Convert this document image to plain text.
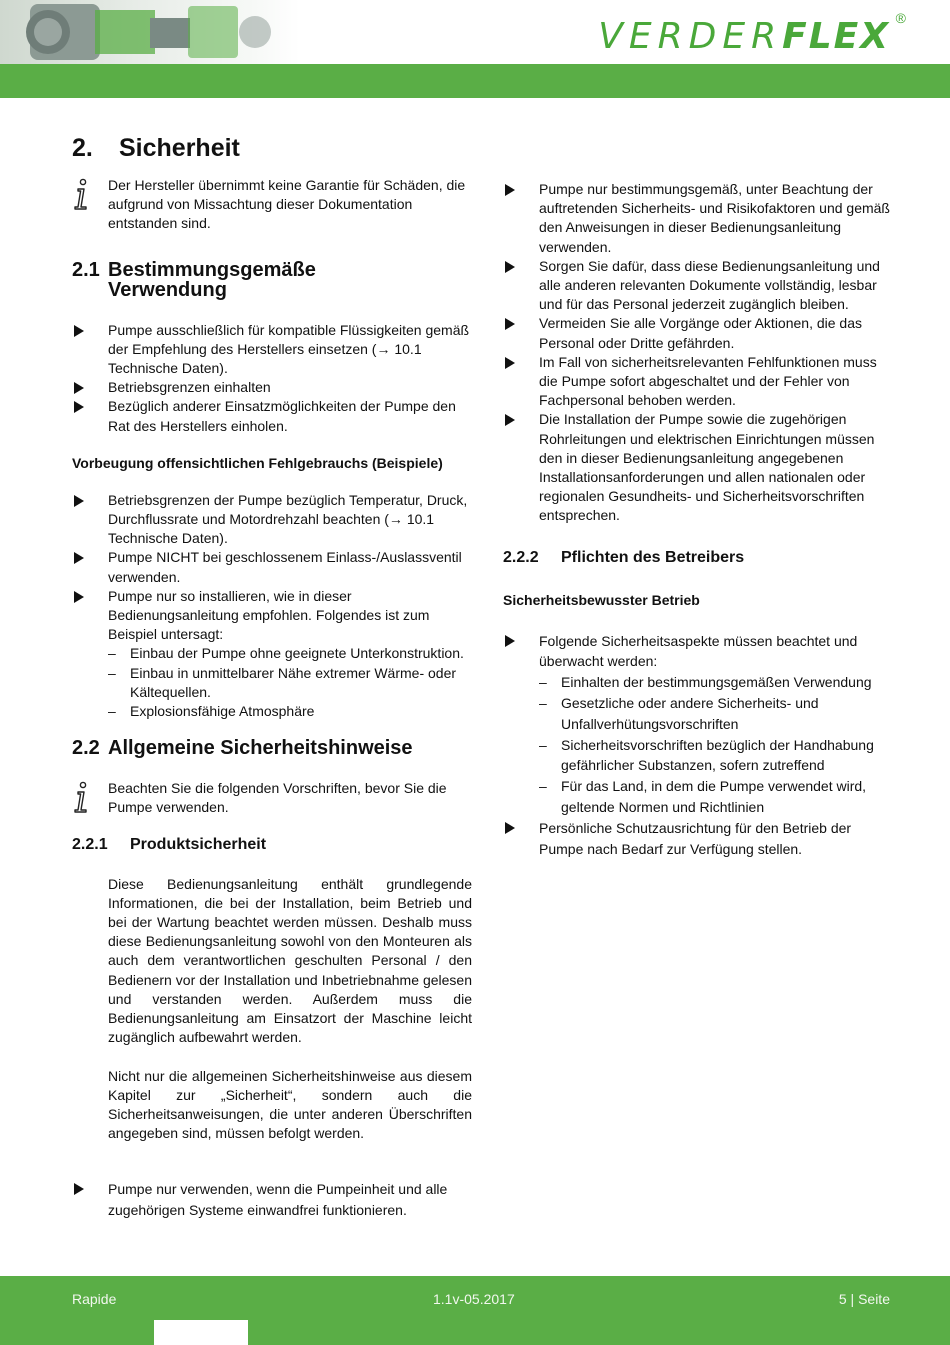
VERDERFLEX ®
2. Sicherheit
Der Hersteller übernimmt keine Garantie für Schäden, die aufgrund von Missachtung dieser Dokumentation entstanden sind.
2.1 Bestimmungsgemäße
Verwendung
Pumpe ausschließlich für kompatible Flüssigkeiten gemäß der Empfehlung des Herstellers einsetzen (→ 10.1 Technische Daten).
Betriebsgrenzen einhalten
Bezüglich anderer Einsatzmöglichkeiten der Pumpe den Rat des Herstellers einholen.
Vorbeugung offensichtlichen Fehlgebrauchs (Beispiele)
Betriebsgrenzen der Pumpe bezüglich Temperatur, Druck, Durchflussrate und Motordrehzahl beachten (→ 10.1 Technische Daten).
Pumpe NICHT bei geschlossenem Einlass-/Auslassventil verwenden.
Pumpe nur so installieren, wie in dieser Bedienungsanleitung empfohlen. Folgendes ist zum Beispiel untersagt:
– Einbau der Pumpe ohne geeignete Unterkonstruktion.
– Einbau in unmittelbarer Nähe extremer Wärme- oder Kältequellen.
– Explosionsfähige Atmosphäre
2.2 Allgemeine Sicherheitshinweise
Beachten Sie die folgenden Vorschriften, bevor Sie die Pumpe verwenden.
2.2.1 Produktsicherheit
Diese Bedienungsanleitung enthält grundlegende Informationen, die bei der Installation, beim Betrieb und bei der Wartung beachtet werden müssen. Deshalb muss diese Bedienungsanleitung sowohl von den Monteuren als auch dem verantwortlichen geschulten Personal / den Bedienern vor der Installation und Inbetriebnahme gelesen und verstanden werden. Außerdem muss die Bedienungsanleitung am Einsatzort der Maschine leicht zugänglich aufbewahrt werden.
Nicht nur die allgemeinen Sicherheitshinweise aus diesem Kapitel zur „Sicherheit“, sondern auch die Sicherheitsanweisungen, die unter anderen Überschriften angegeben sind, müssen befolgt werden.
Pumpe nur verwenden, wenn die Pumpeinheit und alle zugehörigen Systeme einwandfrei funktionieren.
Pumpe nur bestimmungsgemäß, unter Beachtung der auftretenden Sicherheits- und Risikofaktoren und gemäß den Anweisungen in dieser Bedienungsanleitung verwenden.
Sorgen Sie dafür, dass diese Bedienungsanleitung und alle anderen relevanten Dokumente vollständig, lesbar und für das Personal jederzeit zugänglich bleiben.
Vermeiden Sie alle Vorgänge oder Aktionen, die das Personal oder Dritte gefährden.
Im Fall von sicherheitsrelevanten Fehlfunktionen muss die Pumpe sofort abgeschaltet und der Fehler von Fachpersonal behoben werden.
Die Installation der Pumpe sowie die zugehörigen Rohrleitungen und elektrischen Einrichtungen müssen den in dieser Bedienungsanleitung angegebenen Installationsanforderungen und allen nationalen oder regionalen Gesundheits- und Sicherheitsvorschriften entsprechen.
2.2.2 Pflichten des Betreibers
Sicherheitsbewusster Betrieb
Folgende Sicherheitsaspekte müssen beachtet und überwacht werden:
– Einhalten der bestimmungsgemäßen Verwendung
– Gesetzliche oder andere Sicherheits- und Unfallverhütungsvorschriften
– Sicherheitsvorschriften bezüglich der Handhabung gefährlicher Substanzen, sofern zutreffend
– Für das Land, in dem die Pumpe verwendet wird, geltende Normen und Richtlinien
Persönliche Schutzausrichtung für den Betrieb der Pumpe nach Bedarf zur Verfügung stellen.
Rapide	1.1v-05.2017	5 | Seite
